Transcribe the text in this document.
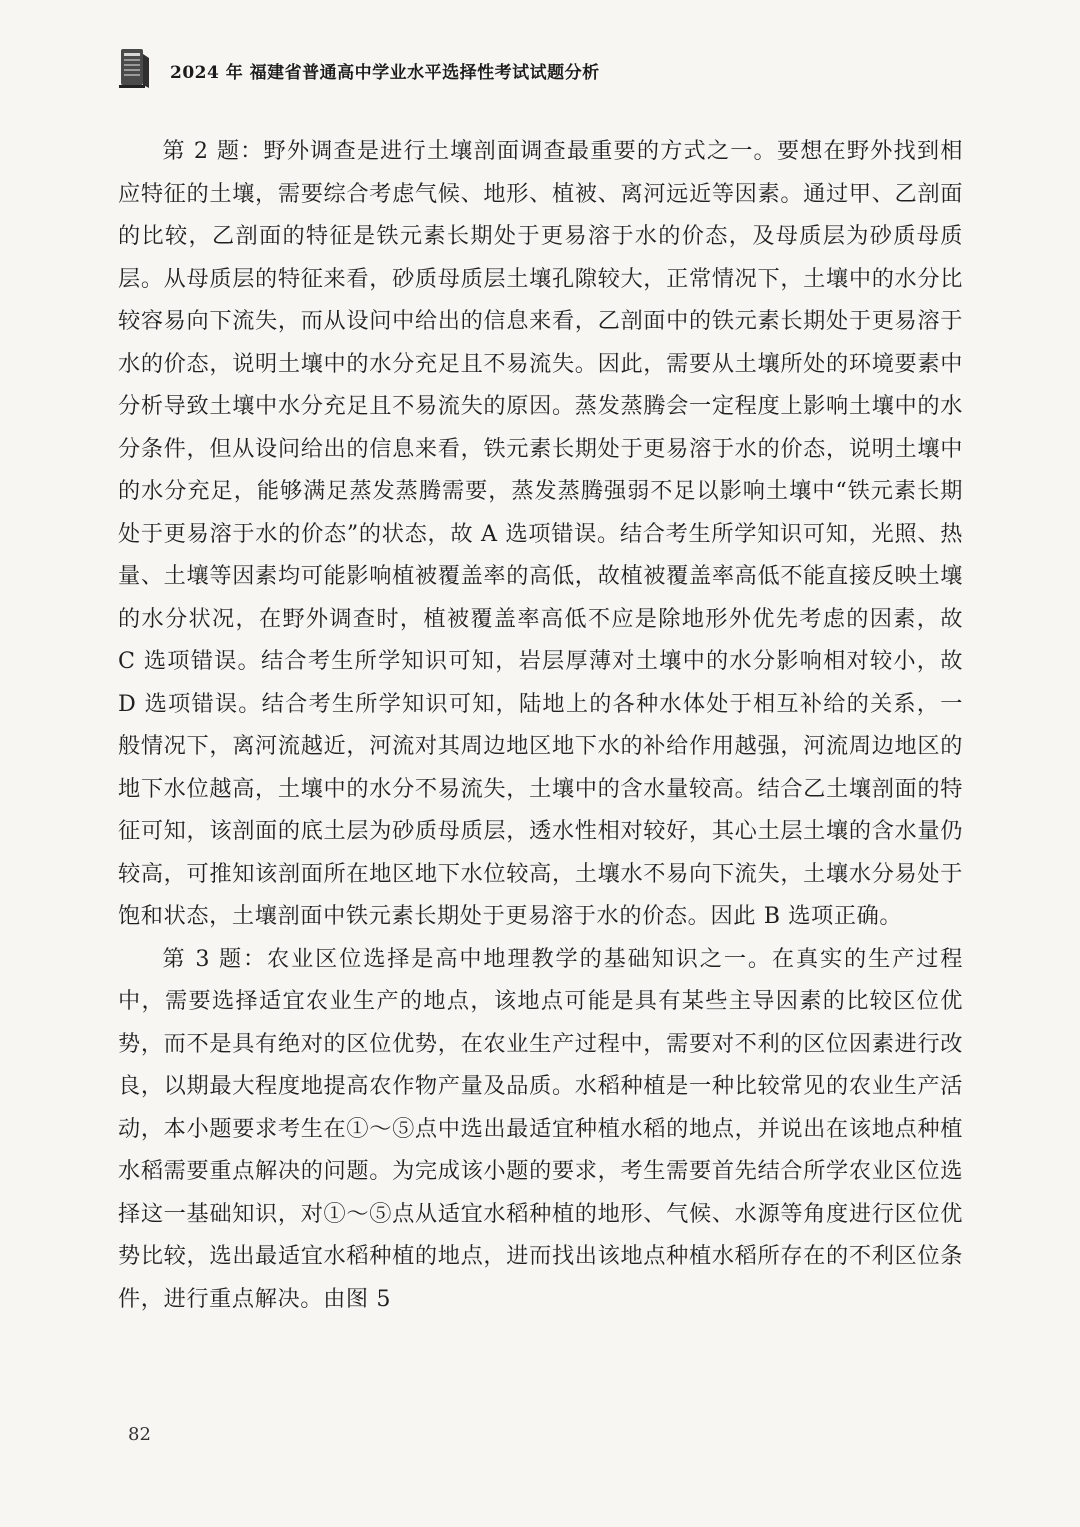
2024 年 福建省普通高中学业水平选择性考试试题分析

第 2 题：野外调查是进行土壤剖面调查最重要的方式之一。要想在野外找到相应特征的土壤，需要综合考虑气候、地形、植被、离河远近等因素。通过甲、乙剖面的比较，乙剖面的特征是铁元素长期处于更易溶于水的价态，及母质层为砂质母质层。从母质层的特征来看，砂质母质层土壤孔隙较大，正常情况下，土壤中的水分比较容易向下流失，而从设问中给出的信息来看，乙剖面中的铁元素长期处于更易溶于水的价态，说明土壤中的水分充足且不易流失。因此，需要从土壤所处的环境要素中分析导致土壤中水分充足且不易流失的原因。蒸发蒸腾会一定程度上影响土壤中的水分条件，但从设问给出的信息来看，铁元素长期处于更易溶于水的价态，说明土壤中的水分充足，能够满足蒸发蒸腾需要，蒸发蒸腾强弱不足以影响土壤中“铁元素长期处于更易溶于水的价态”的状态，故 A 选项错误。结合考生所学知识可知，光照、热量、土壤等因素均可能影响植被覆盖率的高低，故植被覆盖率高低不能直接反映土壤的水分状况，在野外调查时，植被覆盖率高低不应是除地形外优先考虑的因素，故 C 选项错误。结合考生所学知识可知，岩层厚薄对土壤中的水分影响相对较小，故 D 选项错误。结合考生所学知识可知，陆地上的各种水体处于相互补给的关系，一般情况下，离河流越近，河流对其周边地区地下水的补给作用越强，河流周边地区的地下水位越高，土壤中的水分不易流失，土壤中的含水量较高。结合乙土壤剖面的特征可知，该剖面的底土层为砂质母质层，透水性相对较好，其心土层土壤的含水量仍较高，可推知该剖面所在地区地下水位较高，土壤水不易向下流失，土壤水分易处于饱和状态，土壤剖面中铁元素长期处于更易溶于水的价态。因此 B 选项正确。

第 3 题：农业区位选择是高中地理教学的基础知识之一。在真实的生产过程中，需要选择适宜农业生产的地点，该地点可能是具有某些主导因素的比较区位优势，而不是具有绝对的区位优势，在农业生产过程中，需要对不利的区位因素进行改良，以期最大程度地提高农作物产量及品质。水稻种植是一种比较常见的农业生产活动，本小题要求考生在①～⑤点中选出最适宜种植水稻的地点，并说出在该地点种植水稻需要重点解决的问题。为完成该小题的要求，考生需要首先结合所学农业区位选择这一基础知识，对①～⑤点从适宜水稻种植的地形、气候、水源等角度进行区位优势比较，选出最适宜水稻种植的地点，进而找出该地点种植水稻所存在的不利区位条件，进行重点解决。由图 5

82
